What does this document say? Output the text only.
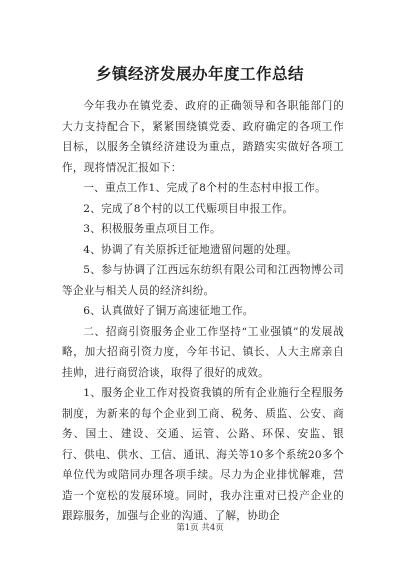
乡镇经济发展办年度工作总结

今年我办在镇党委、政府的正确领导和各职能部门的大力支持配合下，紧紧围绕镇党委、政府确定的各项工作目标，以服务全镇经济建设为重点，踏踏实实做好各项工作，现将情况汇报如下：

一、重点工作1、完成了8个村的生态村申报工作。

2、完成了8个村的以工代赈项目申报工作。

3、积极服务重点项目工作。

4、协调了有关原拆迁征地遗留问题的处理。

5、参与协调了江西远东纺织有限公司和江西物博公司等企业与相关人员的经济纠纷。

6、认真做好了铜万高速征地工作。

二、招商引资服务企业工作坚持“工业强镇”的发展战略，加大招商引资力度，今年书记、镇长、人大主席亲自挂帅，进行商贸洽谈，取得了很好的成效。

1、服务企业工作对投资我镇的所有企业施行全程服务制度，为新来的每个企业到工商、税务、质监、公安、商务、国土、建设、交通、运管、公路、环保、安监、银行、供电、供水、工信、通讯、海关等10多个系统20多个单位代为或陪同办理各项手续。尽力为企业排忧解难，营造一个宽松的发展环境。同时，我办注重对已投产企业的跟踪服务，加强与企业的沟通、了解，协助企

第1页 共4页
